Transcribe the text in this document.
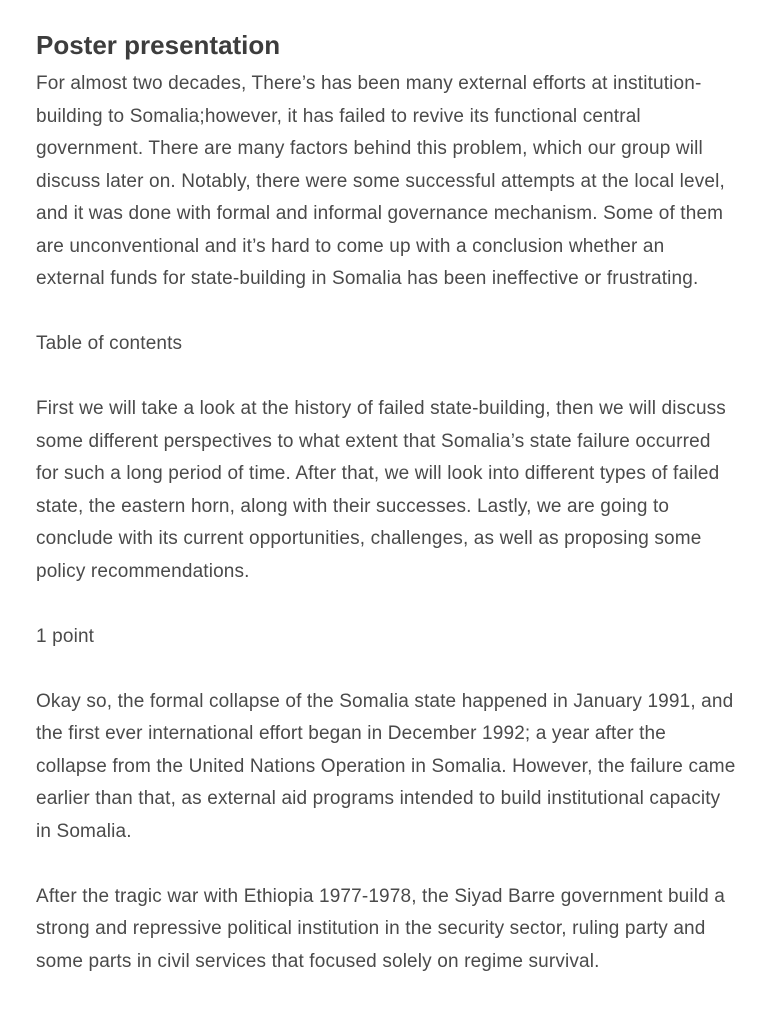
Poster presentation

For almost two decades, There’s has been many external efforts at institution-building to Somalia;however, it has failed to revive its functional central government. There are many factors behind this problem, which our group will discuss later on. Notably, there were some successful attempts at the local level, and it was done with formal and informal governance mechanism. Some of them are unconventional and it’s hard to come up with a conclusion whether an external funds for state-building in Somalia has been ineffective or frustrating.

Table of contents

First we will take a look at the history of failed state-building, then we will discuss some different perspectives to what extent that Somalia’s state failure occurred for such a long period of time. After that, we will look into different types of failed state, the eastern horn, along with their successes. Lastly, we are going to conclude with its current opportunities, challenges, as well as proposing some policy recommendations.

1 point

Okay so, the formal collapse of the Somalia state happened in January 1991, and the first ever international effort began in December 1992; a year after the collapse from the United Nations Operation in Somalia. However, the failure came earlier than that, as external aid programs intended to build institutional capacity in Somalia.

After the tragic war with Ethiopia 1977-1978, the Siyad Barre government build a strong and repressive political institution in the security sector, ruling party and some parts in civil services that focused solely on regime survival.
